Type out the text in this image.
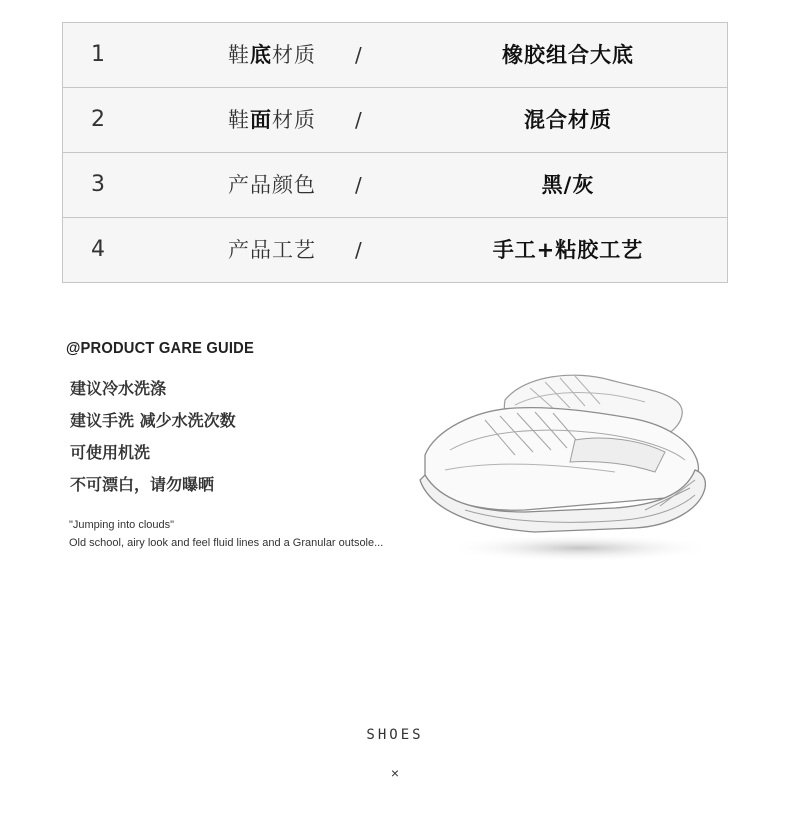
1	鞋底材质 /	橡胶组合大底
2	鞋面材质 /	混合材质
3	产品颜色 /	黑/灰
4	产品工艺 /	手工+粘胶工艺
@PRODUCT GARE GUIDE
建议冷水洗涤
建议手洗 减少水洗次数
可使用机洗
不可漂白，请勿曝晒
"Jumping into clouds"
Old school, airy look and feel fluid lines and a Granular outsole...
SHOES
×
